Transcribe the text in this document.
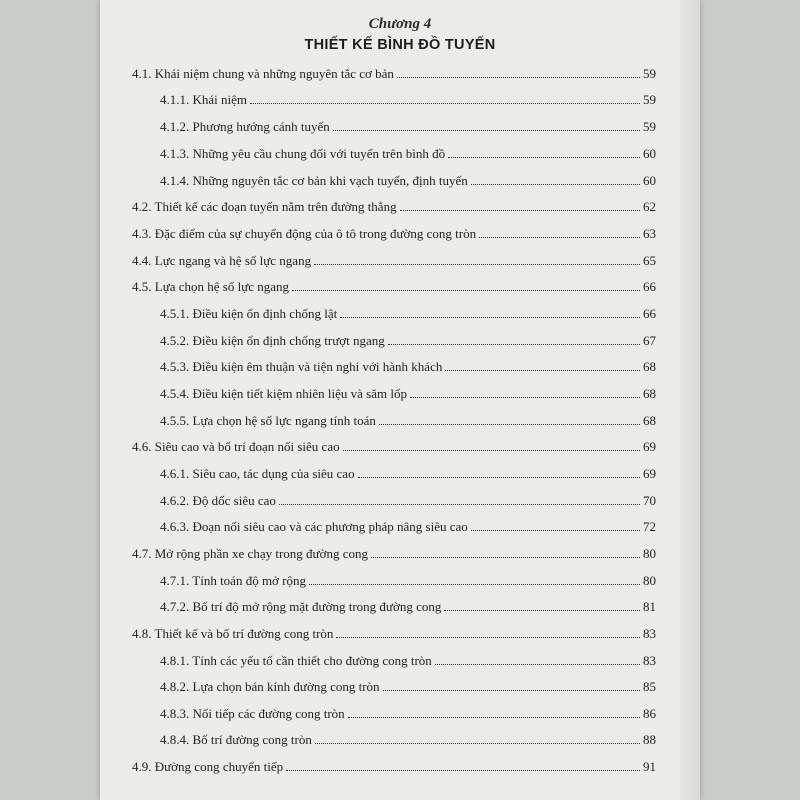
Chương 4
THIẾT KẾ BÌNH ĐỒ TUYẾN
4.1. Khái niệm chung và những nguyên tắc cơ bản	59
4.1.1. Khái niệm	59
4.1.2. Phương hướng cánh tuyến	59
4.1.3. Những yêu cầu chung đối với tuyến trên bình đồ	60
4.1.4. Những nguyên tắc cơ bản khi vạch tuyến, định tuyến	60
4.2. Thiết kế các đoạn tuyến nằm trên đường thẳng	62
4.3. Đặc điểm của sự chuyển động của ô tô trong đường cong tròn	63
4.4. Lực ngang và hệ số lực ngang	65
4.5. Lựa chọn hệ số lực ngang	66
4.5.1. Điều kiện ổn định chống lật	66
4.5.2. Điều kiện ổn định chống trượt ngang	67
4.5.3. Điều kiện êm thuận và tiện nghi với hành khách	68
4.5.4. Điều kiện tiết kiệm nhiên liệu và săm lốp	68
4.5.5. Lựa chọn hệ số lực ngang tính toán	68
4.6. Siêu cao và bố trí đoạn nối siêu cao	69
4.6.1. Siêu cao, tác dụng của siêu cao	69
4.6.2. Độ dốc siêu cao	70
4.6.3. Đoạn nối siêu cao và các phương pháp nâng siêu cao	72
4.7. Mở rộng phần xe chạy trong đường cong	80
4.7.1. Tính toán độ mở rộng	80
4.7.2. Bố trí độ mở rộng mặt đường trong đường cong	81
4.8. Thiết kế và bố trí đường cong tròn	83
4.8.1. Tính các yếu tố cần thiết cho đường cong tròn	83
4.8.2. Lựa chọn bán kính đường cong tròn	85
4.8.3. Nối tiếp các đường cong tròn	86
4.8.4. Bố trí đường cong tròn	88
4.9. Đường cong chuyển tiếp	91
